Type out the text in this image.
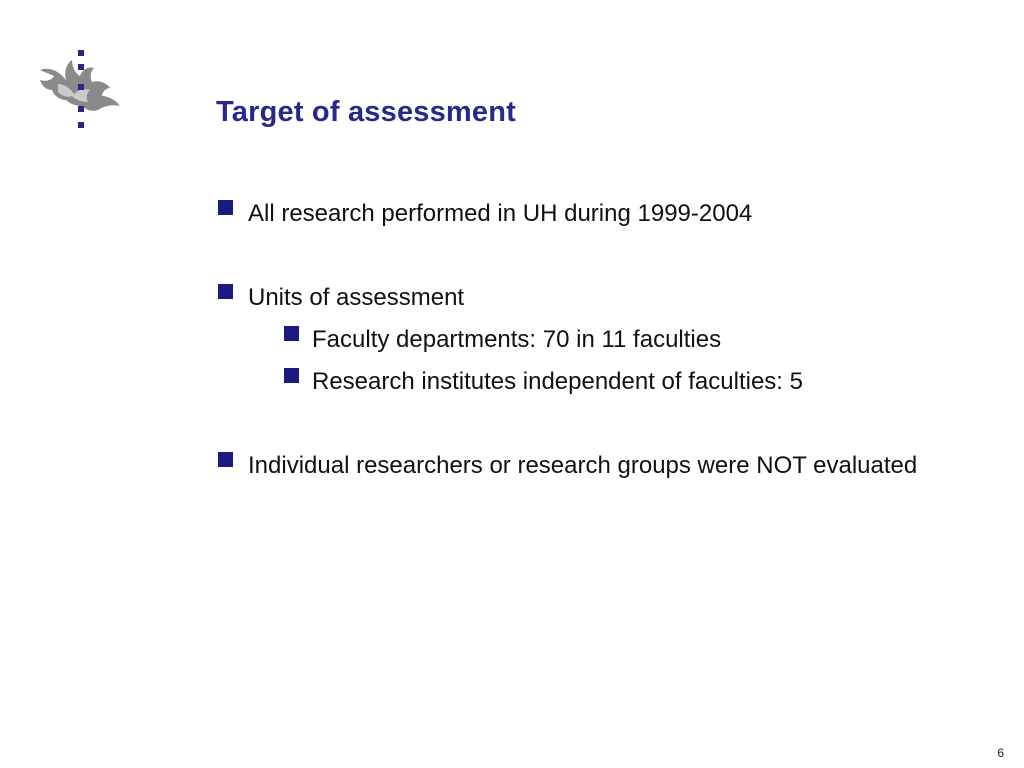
Target of assessment
All research performed in UH during 1999-2004
Units of assessment
Faculty departments: 70 in 11 faculties
Research institutes independent of faculties: 5
Individual researchers or research groups were NOT evaluated
6
